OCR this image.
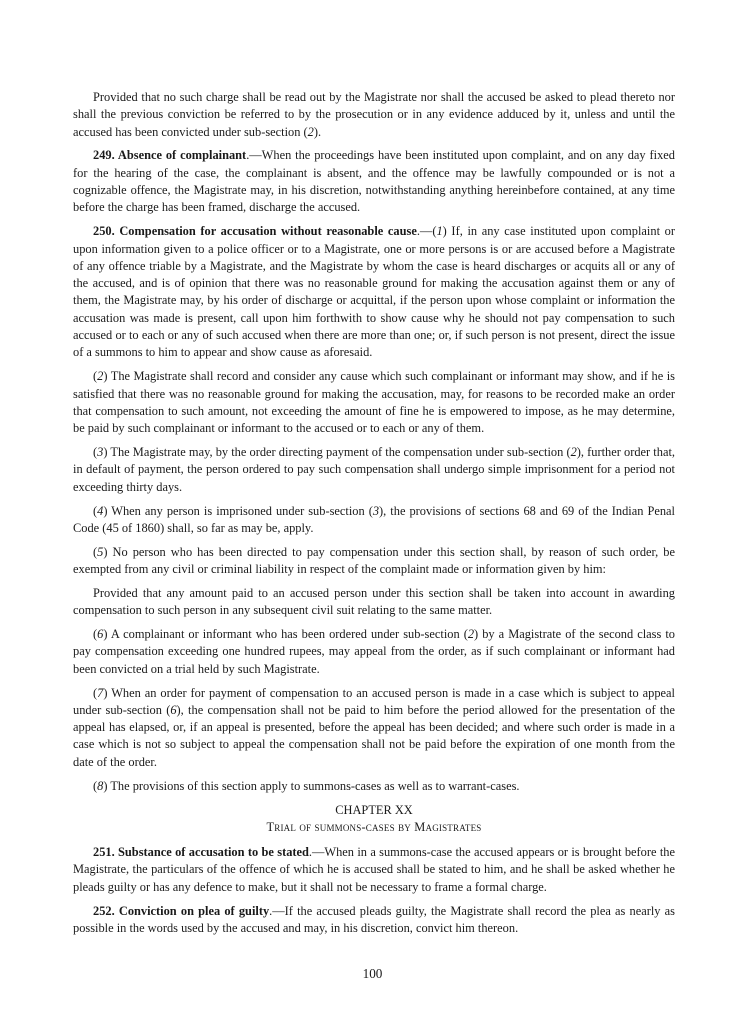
Provided that no such charge shall be read out by the Magistrate nor shall the accused be asked to plead thereto nor shall the previous conviction be referred to by the prosecution or in any evidence adduced by it, unless and until the accused has been convicted under sub-section (2).

249. Absence of complainant.—When the proceedings have been instituted upon complaint, and on any day fixed for the hearing of the case, the complainant is absent, and the offence may be lawfully compounded or is not a cognizable offence, the Magistrate may, in his discretion, notwithstanding anything hereinbefore contained, at any time before the charge has been framed, discharge the accused.

250. Compensation for accusation without reasonable cause.—(1) If, in any case instituted upon complaint or upon information given to a police officer or to a Magistrate, one or more persons is or are accused before a Magistrate of any offence triable by a Magistrate, and the Magistrate by whom the case is heard discharges or acquits all or any of the accused, and is of opinion that there was no reasonable ground for making the accusation against them or any of them, the Magistrate may, by his order of discharge or acquittal, if the person upon whose complaint or information the accusation was made is present, call upon him forthwith to show cause why he should not pay compensation to such accused or to each or any of such accused when there are more than one; or, if such person is not present, direct the issue of a summons to him to appear and show cause as aforesaid.

(2) The Magistrate shall record and consider any cause which such complainant or informant may show, and if he is satisfied that there was no reasonable ground for making the accusation, may, for reasons to be recorded make an order that compensation to such amount, not exceeding the amount of fine he is empowered to impose, as he may determine, be paid by such complainant or informant to the accused or to each or any of them.

(3) The Magistrate may, by the order directing payment of the compensation under sub-section (2), further order that, in default of payment, the person ordered to pay such compensation shall undergo simple imprisonment for a period not exceeding thirty days.

(4) When any person is imprisoned under sub-section (3), the provisions of sections 68 and 69 of the Indian Penal Code (45 of 1860) shall, so far as may be, apply.

(5) No person who has been directed to pay compensation under this section shall, by reason of such order, be exempted from any civil or criminal liability in respect of the complaint made or information given by him:

Provided that any amount paid to an accused person under this section shall be taken into account in awarding compensation to such person in any subsequent civil suit relating to the same matter.

(6) A complainant or informant who has been ordered under sub-section (2) by a Magistrate of the second class to pay compensation exceeding one hundred rupees, may appeal from the order, as if such complainant or informant had been convicted on a trial held by such Magistrate.

(7) When an order for payment of compensation to an accused person is made in a case which is subject to appeal under sub-section (6), the compensation shall not be paid to him before the period allowed for the presentation of the appeal has elapsed, or, if an appeal is presented, before the appeal has been decided; and where such order is made in a case which is not so subject to appeal the compensation shall not be paid before the expiration of one month from the date of the order.

(8) The provisions of this section apply to summons-cases as well as to warrant-cases.

CHAPTER XX

Trial of summons-cases by Magistrates

251. Substance of accusation to be stated.—When in a summons-case the accused appears or is brought before the Magistrate, the particulars of the offence of which he is accused shall be stated to him, and he shall be asked whether he pleads guilty or has any defence to make, but it shall not be necessary to frame a formal charge.

252. Conviction on plea of guilty.—If the accused pleads guilty, the Magistrate shall record the plea as nearly as possible in the words used by the accused and may, in his discretion, convict him thereon.

100
